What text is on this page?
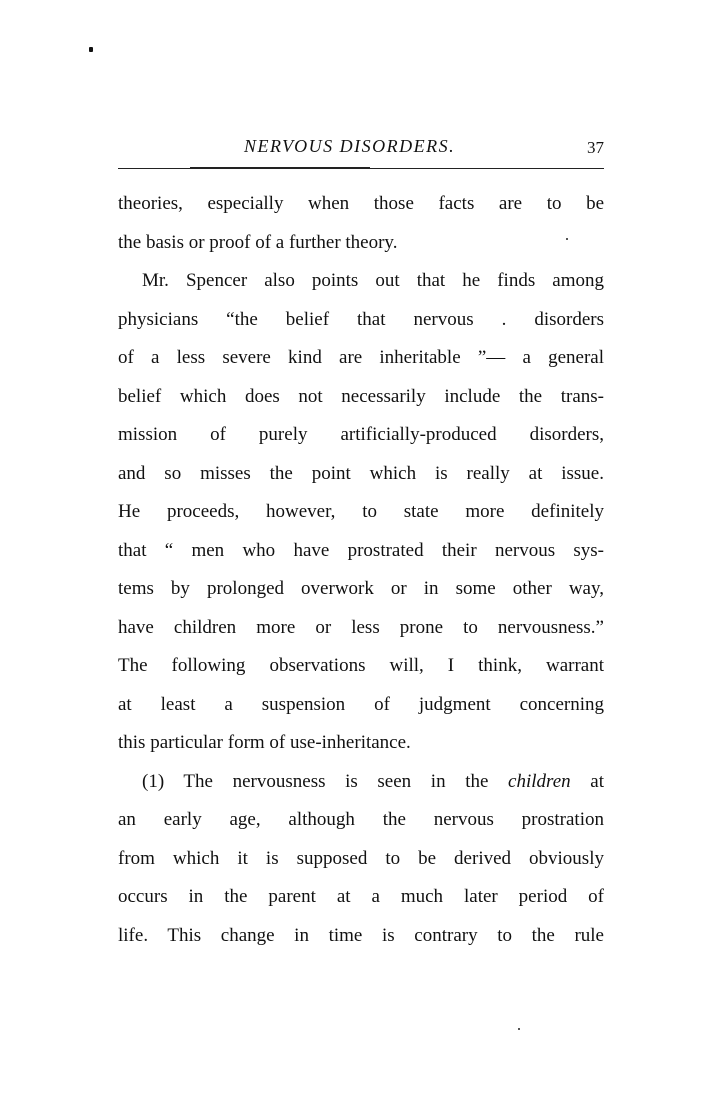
NERVOUS DISORDERS.	37
theories, especially when those facts are to be
the basis or proof of a further theory.
Mr. Spencer also points out that he finds among
physicians “the belief that nervous . disorders
of a less severe kind are inheritable ”— a general
belief which does not necessarily include the trans-
mission of purely artificially-produced disorders,
and so misses the point which is really at issue.
He proceeds, however, to state more definitely
that “ men who have prostrated their nervous sys-
tems by prolonged overwork or in some other way,
have children more or less prone to nervousness.”
The following observations will, I think, warrant
at least a suspension of judgment concerning
this particular form of use-inheritance.
(1) The nervousness is seen in the children at
an early age, although the nervous prostration
from which it is supposed to be derived obviously
occurs in the parent at a much later period of
life. This change in time is contrary to the rule
